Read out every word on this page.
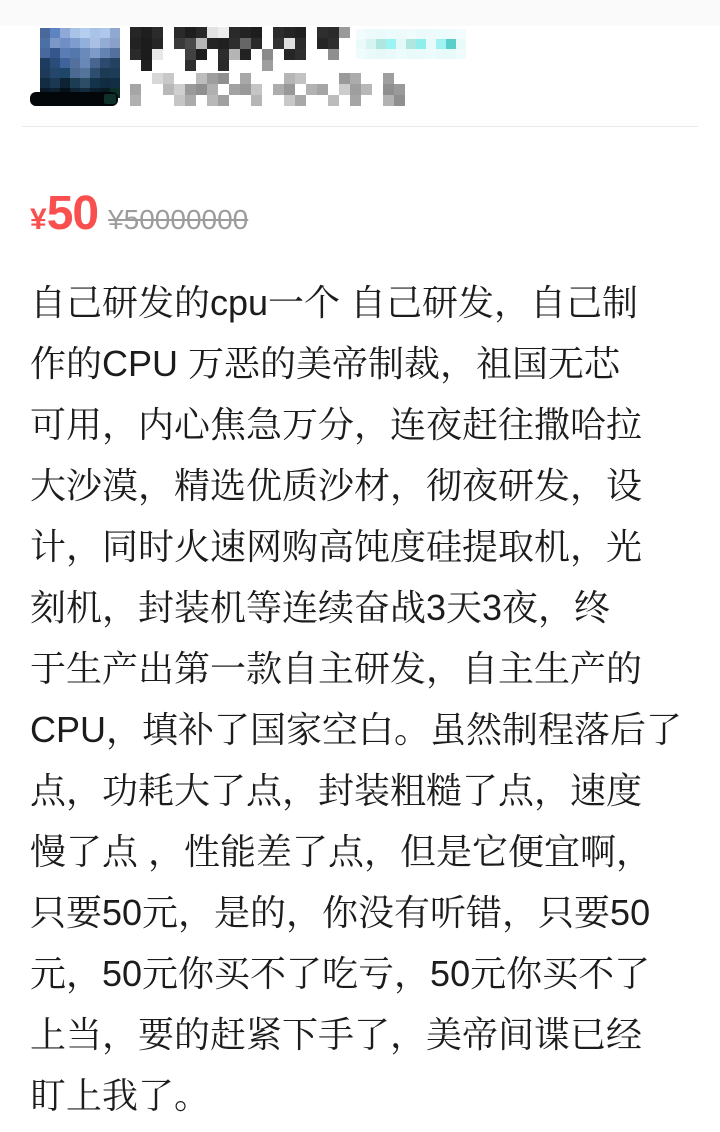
¥ 50 ¥50000000
自己研发的cpu一个 自己研发，自己制
作的CPU 万恶的美帝制裁，祖国无芯
可用，内心焦急万分，连夜赶往撒哈拉
大沙漠，精选优质沙材，彻夜研发，设
计，同时火速网购高饨度硅提取机，光
刻机，封装机等连续奋战3天3夜，终
于生产出第一款自主研发，自主生产的
CPU，填补了国家空白。虽然制程落后了
点，功耗大了点，封装粗糙了点，速度
慢了点 ，性能差了点，但是它便宜啊，
只要50元，是的，你没有听错，只要50
元，50元你买不了吃亏，50元你买不了
上当，要的赶紧下手了，美帝间谍已经
盯上我了。
